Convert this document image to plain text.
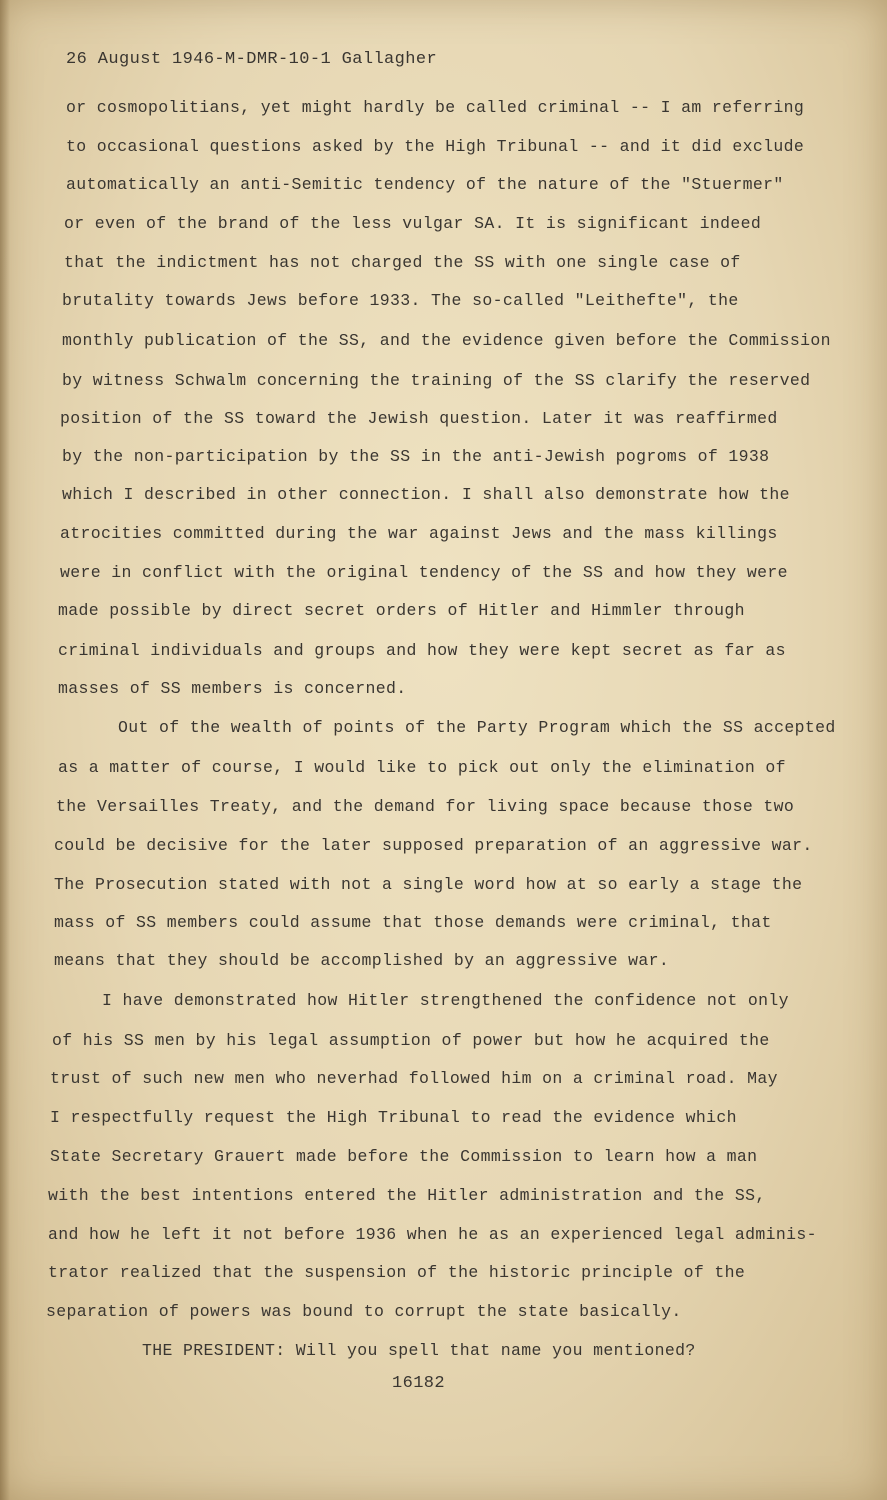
26 August 1946-M-DMR-10-1 Gallagher
or cosmopolitians, yet might hardly be called criminal -- I am referring
to occasional questions asked by the High Tribunal -- and it did exclude
automatically an anti-Semitic tendency of the nature of the "Stuermer"
or even of the brand of the less vulgar SA. It is significant indeed
that the indictment has not charged the SS with one single case of
brutality towards Jews before 1933. The so-called "Leithefte", the
monthly publication of the SS, and the evidence given before the Commission
by witness Schwalm concerning the training of the SS clarify the reserved
position of the SS toward the Jewish question. Later it was reaffirmed
by the non-participation by the SS in the anti-Jewish pogroms of 1938
which I described in other connection. I shall also demonstrate how the
atrocities committed during the war against Jews and the mass killings
were in conflict with the original tendency of the SS and how they were
made possible by direct secret orders of Hitler and Himmler through
criminal individuals and groups and how they were kept secret as far as
masses of SS members is concerned.
Out of the wealth of points of the Party Program which the SS accepted
as a matter of course, I would like to pick out only the elimination of
the Versailles Treaty, and the demand for living space because those two
could be decisive for the later supposed preparation of an aggressive war.
The Prosecution stated with not a single word how at so early a stage the
mass of SS members could assume that those demands were criminal, that
means that they should be accomplished by an aggressive war.
I have demonstrated how Hitler strengthened the confidence not only
of his SS men by his legal assumption of power but how he acquired the
trust of such new men who neverhad followed him on a criminal road. May
I respectfully request the High Tribunal to read the evidence which
State Secretary Grauert made before the Commission to learn how a man
with the best intentions entered the Hitler administration and the SS,
and how he left it not before 1936 when he as an experienced legal adminis-
trator realized that the suspension of the historic principle of the
separation of powers was bound to corrupt the state basically.
THE PRESIDENT: Will you spell that name you mentioned?
16182
